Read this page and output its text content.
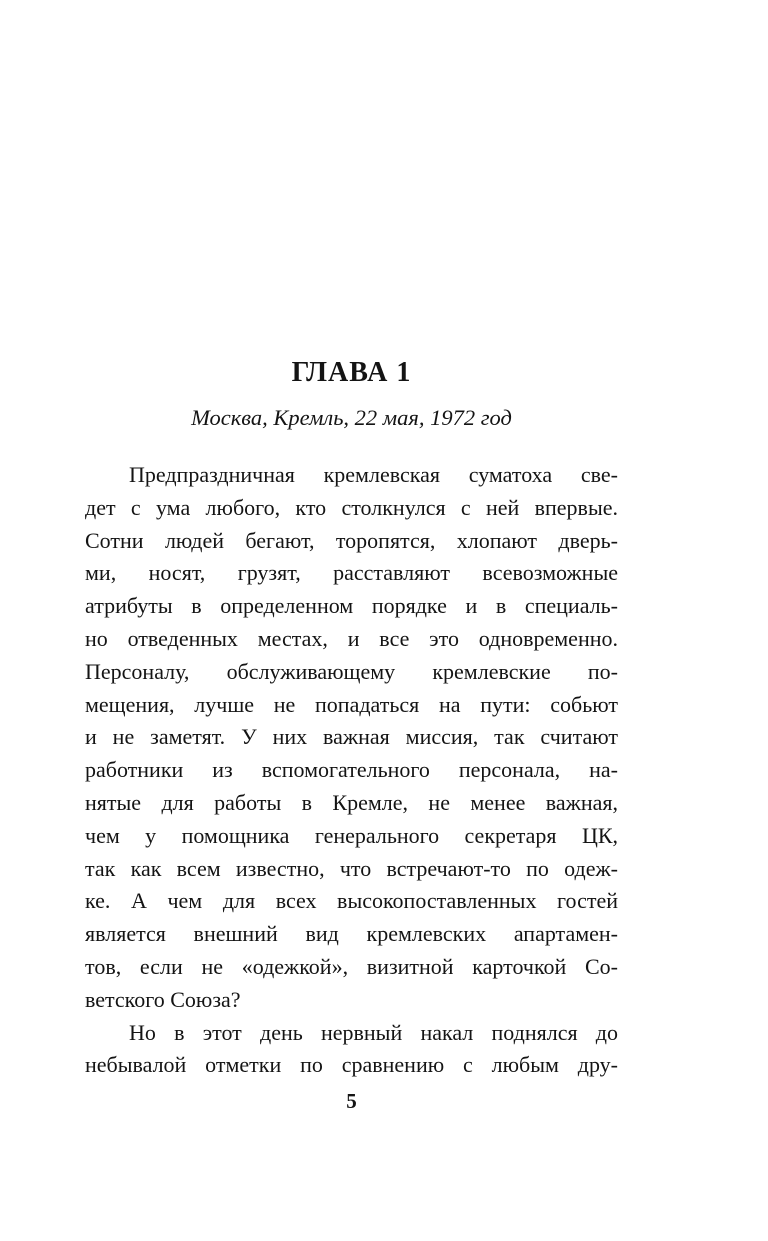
ГЛАВА 1
Москва, Кремль, 22 мая, 1972 год
Предпраздничная кремлевская суматоха све-
дет с ума любого, кто столкнулся с ней впервые.
Сотни людей бегают, торопятся, хлопают дверь-
ми, носят, грузят, расставляют всевозможные
атрибуты в определенном порядке и в специаль-
но отведенных местах, и все это одновременно.
Персоналу, обслуживающему кремлевские по-
мещения, лучше не попадаться на пути: собьют
и не заметят. У них важная миссия, так считают
работники из вспомогательного персонала, на-
нятые для работы в Кремле, не менее важная,
чем у помощника генерального секретаря ЦК,
так как всем известно, что встречают-то по одеж-
ке. А чем для всех высокопоставленных гостей
является внешний вид кремлевских апартамен-
тов, если не «одежкой», визитной карточкой Со-
ветского Союза?
Но в этот день нервный накал поднялся до
небывалой отметки по сравнению с любым дру-
5
